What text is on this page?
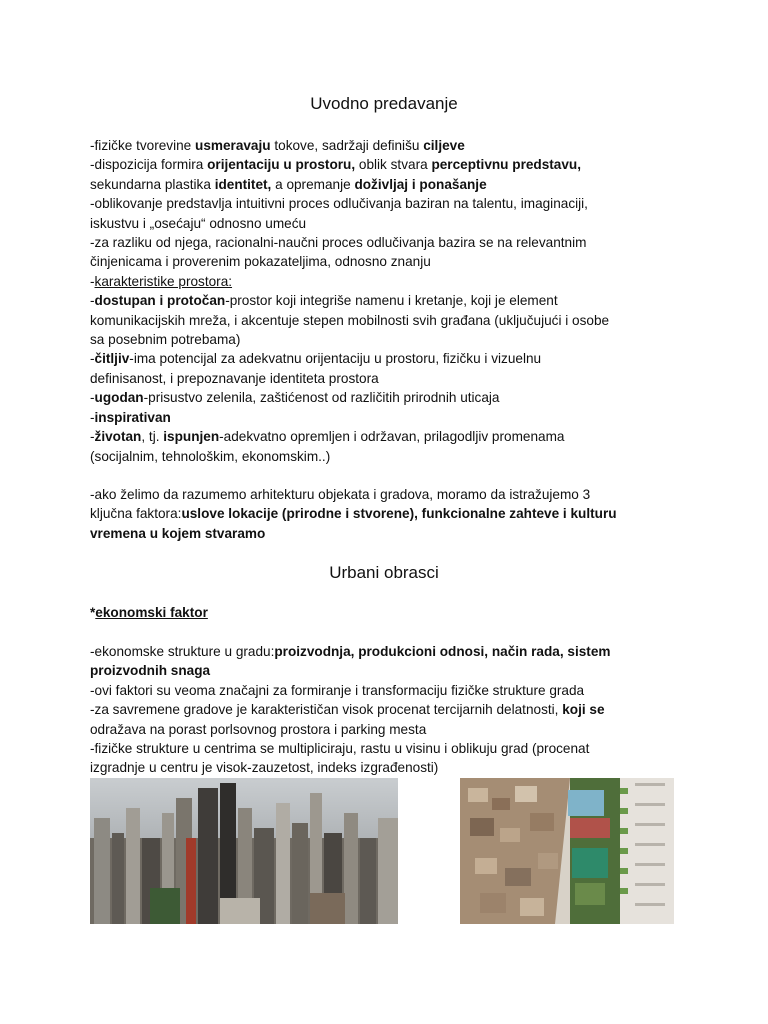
Uvodno predavanje

-fizičke tvorevine usmeravaju tokove, sadržaji definišu ciljeve

-dispozicija formira orijentaciju u prostoru, oblik stvara perceptivnu predstavu,

sekundarna plastika identitet, a opremanje doživljaj i ponašanje

-oblikovanje predstavlja intuitivni proces odlučivanja baziran na talentu, imaginaciji,

iskustvu i „osećaju“ odnosno umeću

-za razliku od njega, racionalni-naučni proces odlučivanja bazira se na relevantnim

činjenicama i proverenim pokazateljima, odnosno znanju

-karakteristike prostora:

-dostupan i protočan-prostor koji integriše namenu i kretanje, koji je element

komunikacijskih mreža, i akcentuje stepen mobilnosti svih građana (uključujući i osobe

sa posebnim potrebama)

-čitljiv-ima potencijal za adekvatnu orijentaciju u prostoru, fizičku i vizuelnu

definisanost, i prepoznavanje identiteta prostora

-ugodan-prisustvo zelenila, zaštićenost od različitih prirodnih uticaja

-inspirativan

-životan, tj. ispunjen-adekvatno opremljen i održavan, prilagodljiv promenama

(socijalnim, tehnološkim, ekonomskim..)

-ako želimo da razumemo arhitekturu objekata i gradova, moramo da istražujemo 3

ključna faktora:uslove lokacije (prirodne i stvorene), funkcionalne zahteve i kulturu

vremena u kojem stvaramo

Urbani obrasci

*ekonomski faktor

-ekonomske strukture u gradu:proizvodnja, produkcioni odnosi, način rada, sistem

proizvodnih snaga

-ovi faktori su veoma značajni za formiranje i transformaciju fizičke strukture grada

-za savremene gradove je karakterističan visok procenat tercijarnih delatnosti, koji se

odražava na porast porlsovnog prostora i parking mesta

-fizičke strukture u centrima se multipliciraju, rastu u visinu i oblikuju grad (procenat

izgradnje u centru je visok-zauzetost, indeks izgrađenosti)
